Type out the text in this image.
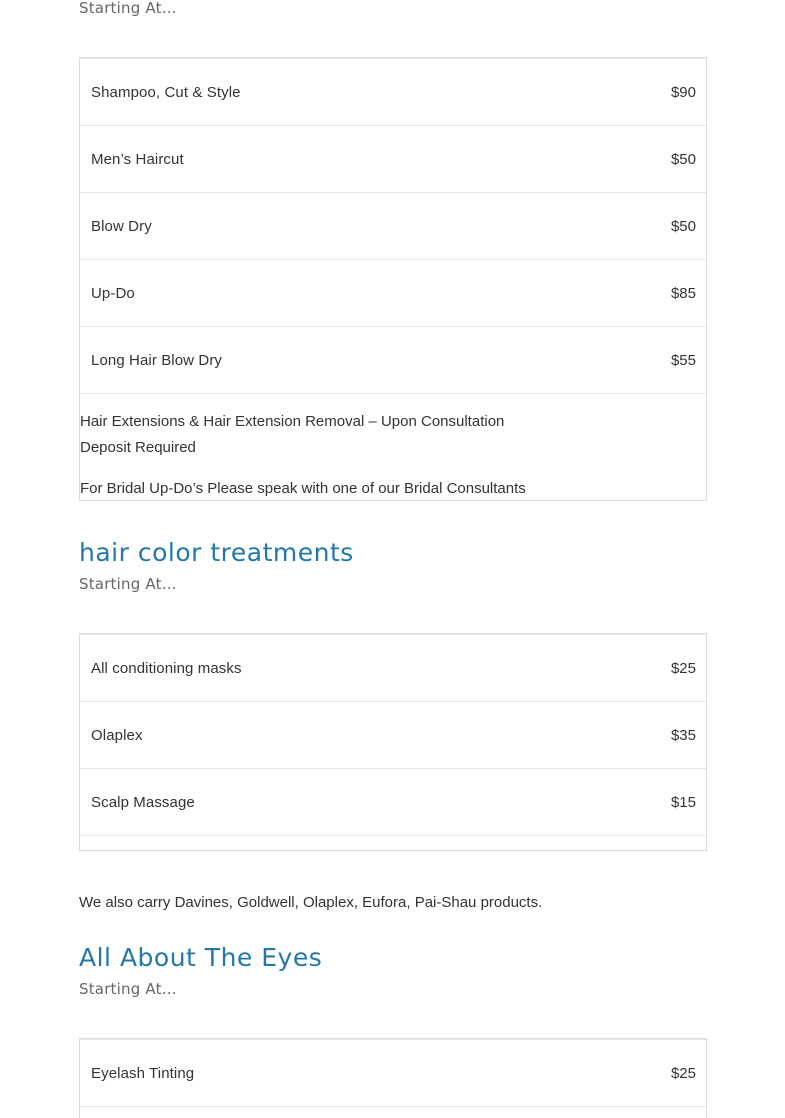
Starting At…

Shampoo, Cut & Style	$90
Men’s Haircut	$50
Blow Dry	$50
Up-Do	$85
Long Hair Blow Dry	$55

Hair Extensions & Hair Extension Removal – Upon Consultation

Deposit Required

For Bridal Up-Do’s Please speak with one of our Bridal Consultants

hair color treatments

Starting At…

All conditioning masks	$25
Olaplex	$35
Scalp Massage	$15

We also carry Davines, Goldwell, Olaplex, Eufora, Pai-Shau products.

All About The Eyes

Starting At…

Eyelash Tinting	$25
